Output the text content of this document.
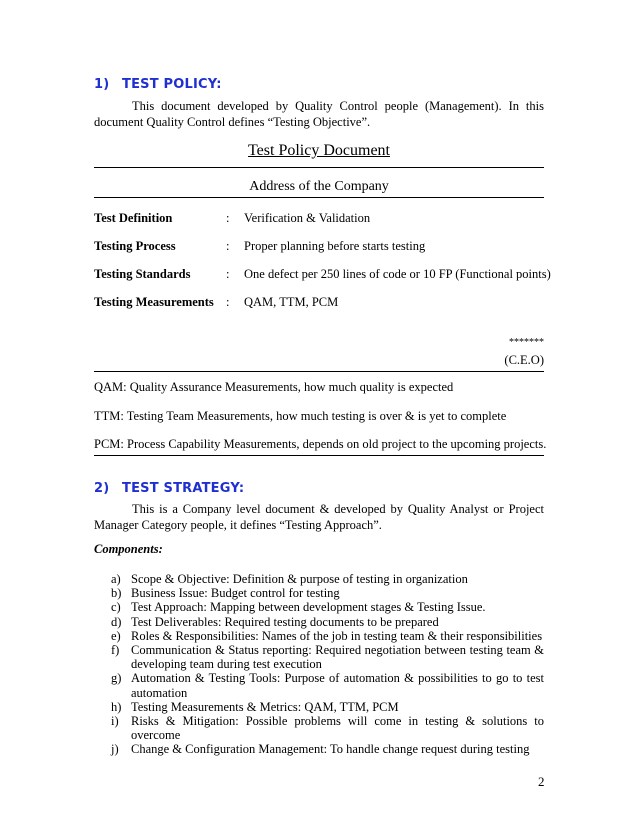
1) TEST POLICY:
This document developed by Quality Control people (Management). In this document Quality Control defines “Testing Objective”.
Test Policy Document
Address of the Company
Test Definition	: Verification & Validation
Testing Process	: Proper planning before starts testing
Testing Standards	: One defect per 250 lines of code or 10 FP (Functional points)
Testing Measurements : QAM, TTM, PCM
*******
(C.E.O)
QAM: Quality Assurance Measurements, how much quality is expected
TTM: Testing Team Measurements, how much testing is over & is yet to complete
PCM: Process Capability Measurements, depends on old project to the upcoming projects.
2) TEST STRATEGY:
This is a Company level document & developed by Quality Analyst or Project Manager Category people, it defines “Testing Approach”.
Components:
a) Scope & Objective: Definition & purpose of testing in organization
b) Business Issue: Budget control for testing
c) Test Approach: Mapping between development stages & Testing Issue.
d) Test Deliverables: Required testing documents to be prepared
e) Roles & Responsibilities: Names of the job in testing team & their responsibilities
f) Communication & Status reporting: Required negotiation between testing team & developing team during test execution
g) Automation & Testing Tools: Purpose of automation & possibilities to go to test automation
h) Testing Measurements & Metrics: QAM, TTM, PCM
i) Risks & Mitigation: Possible problems will come in testing & solutions to overcome
j) Change & Configuration Management: To handle change request during testing
2
